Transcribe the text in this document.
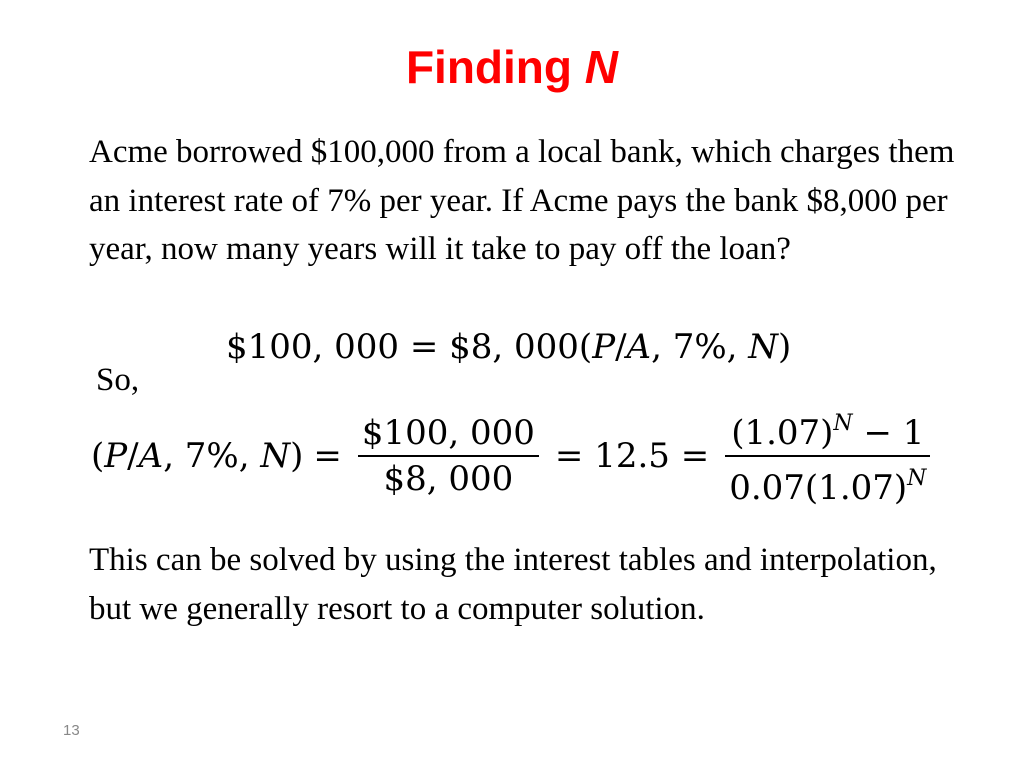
Finding N
Acme borrowed $100,000 from a local bank, which charges them an interest rate of 7% per year. If Acme pays the bank $8,000 per year, now many years will it take to pay off the loan?
$100, 000 = $8, 000(P/A, 7%, N)
So,
(P/A, 7%, $N) = \frac{\$100, 000}{\$8, 000} = 12.5 = \frac{(1.07)^N - 1}{0.07(1.07)^N}$
This can be solved by using the interest tables and interpolation, but we generally resort to a computer solution.
13
